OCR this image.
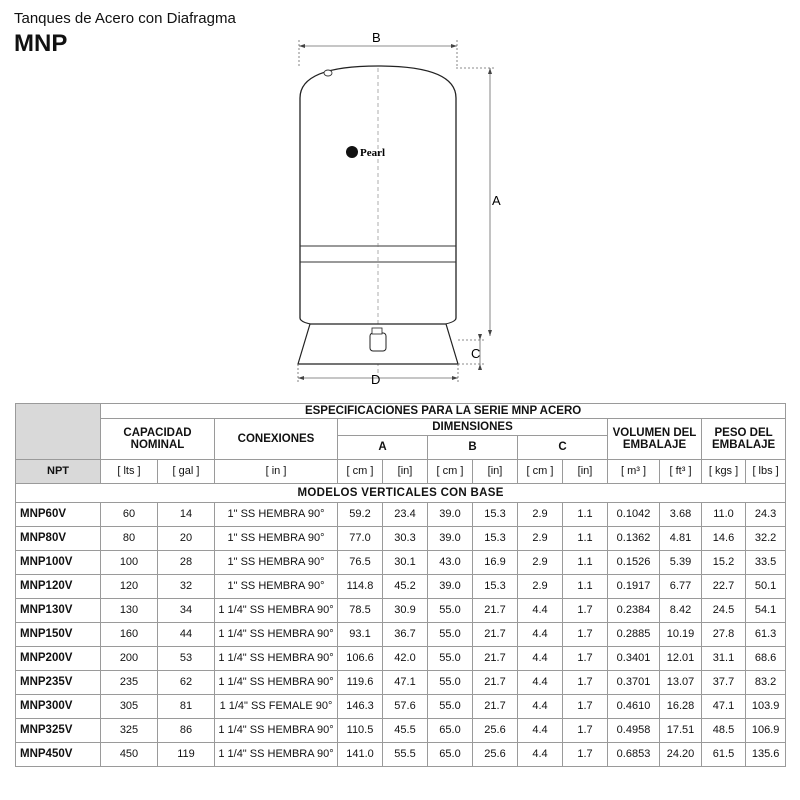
Tanques de Acero con Diafragma
MNP	B
Pearl
A
C
D
	ESPECIFICACIONES PARA LA SERIE MNP ACERO												
	CAPACIDAD NOMINAL		CONEXIONES	DIMENSIONES						VOLUMEN DEL EMBALAJE		PESO DEL EMBALAJE	
				A		B		C					
NPT	[ lts ]	[ gal ]	[ in ]	[ cm ]	[in]	[ cm ]	[in]	[ cm ]	[in]	[ m³ ]	[ ft³ ]	[ kgs ]	[ lbs ]
MODELOS VERTICALES CON BASE													
MNP60V	60	14	1" SS HEMBRA 90°	59.2	23.4	39.0	15.3	2.9	1.1	0.1042	3.68	11.0	24.3
MNP80V	80	20	1" SS HEMBRA 90°	77.0	30.3	39.0	15.3	2.9	1.1	0.1362	4.81	14.6	32.2
MNP100V	100	28	1" SS HEMBRA 90°	76.5	30.1	43.0	16.9	2.9	1.1	0.1526	5.39	15.2	33.5
MNP120V	120	32	1" SS HEMBRA 90°	114.8	45.2	39.0	15.3	2.9	1.1	0.1917	6.77	22.7	50.1
MNP130V	130	34	1 1/4" SS HEMBRA 90°	78.5	30.9	55.0	21.7	4.4	1.7	0.2384	8.42	24.5	54.1
MNP150V	160	44	1 1/4" SS HEMBRA 90°	93.1	36.7	55.0	21.7	4.4	1.7	0.2885	10.19	27.8	61.3
MNP200V	200	53	1 1/4" SS HEMBRA 90°	106.6	42.0	55.0	21.7	4.4	1.7	0.3401	12.01	31.1	68.6
MNP235V	235	62	1 1/4" SS HEMBRA 90°	119.6	47.1	55.0	21.7	4.4	1.7	0.3701	13.07	37.7	83.2
MNP300V	305	81	1 1/4" SS FEMALE 90°	146.3	57.6	55.0	21.7	4.4	1.7	0.4610	16.28	47.1	103.9
MNP325V	325	86	1 1/4" SS HEMBRA 90°	110.5	45.5	65.0	25.6	4.4	1.7	0.4958	17.51	48.5	106.9
MNP450V	450	119	1 1/4" SS HEMBRA 90°	141.0	55.5	65.0	25.6	4.4	1.7	0.6853	24.20	61.5	135.6
